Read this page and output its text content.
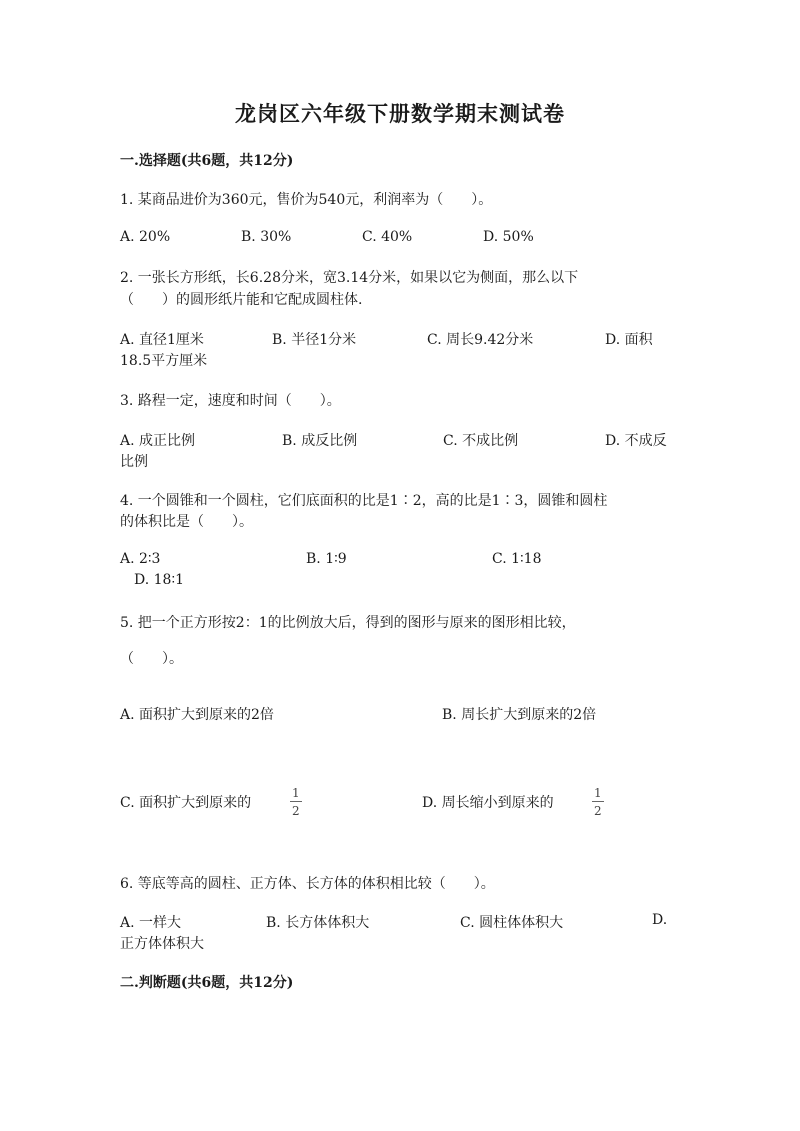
龙岗区六年级下册数学期末测试卷
一.选择题(共6题，共12分)
1. 某商品进价为360元，售价为540元，利润率为（　　）。
A. 20%	B. 30%	C. 40%	D. 50%
2. 一张长方形纸，长6.28分米，宽3.14分米，如果以它为侧面，那么以下
（　　）的圆形纸片能和它配成圆柱体.
A. 直径1厘米	B. 半径1分米	C. 周长9.42分米	D. 面积
18.5平方厘米
3. 路程一定，速度和时间（　　）。
A. 成正比例	B. 成反比例	C. 不成比例	D. 不成反
比例
4. 一个圆锥和一个圆柱，它们底面积的比是1∶2，高的比是1∶3，圆锥和圆柱
的体积比是（　　）。
A. 2∶3	B. 1∶9	C. 1∶18
D. 18∶1
5. 把一个正方形按2：1的比例放大后，得到的图形与原来的图形相比较，
（　　）。
A. 面积扩大到原来的2倍	B. 周长扩大到原来的2倍
C. 面积扩大到原来的	$\frac{1}{2}$	D. 周长缩小到原来的	$\frac{1}{2}$
6. 等底等高的圆柱、正方体、长方体的体积相比较（　　）。
A. 一样大	B. 长方体体积大	C. 圆柱体体积大	D.
正方体体积大
二.判断题(共6题，共12分)
